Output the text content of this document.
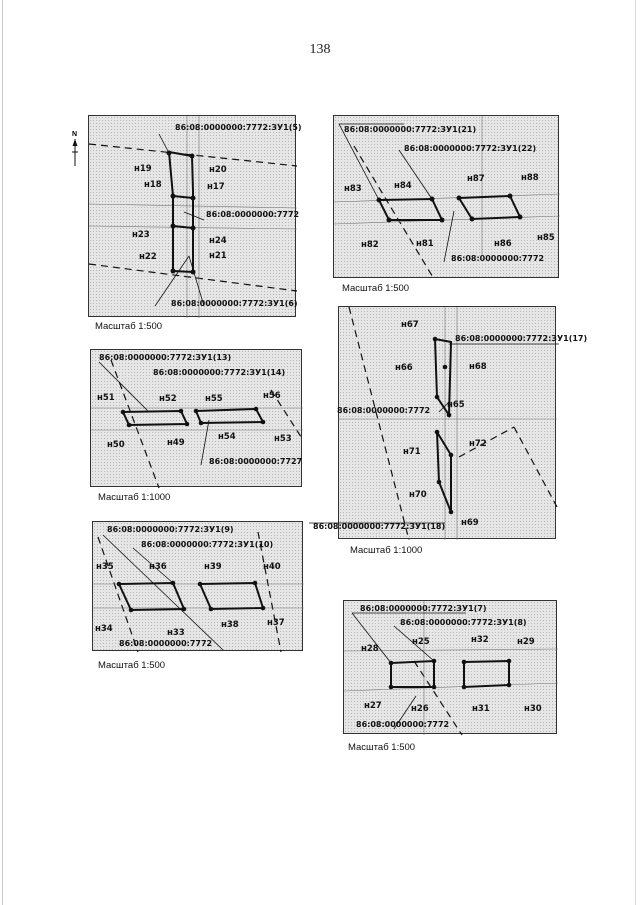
138
N
н19	н20
н18	н17
н23
н24
н22	н21
86:08:0000000:7772:ЗУ1(5)
86:08:0000000:7772
86:08:0000000:7772:ЗУ1(6)
Масштаб 1:500
86:08:0000000:7772:ЗУ1(21)
86:08:0000000:7772:ЗУ1(22)
86:08:0000000:7772
н83	н84
н87	н88
н82	н81	н86
н85
Масштаб 1:500
86:08:0000000:7772:ЗУ1(13)
86:08:0000000:7772:ЗУ1(14)
86:08:0000000:7727
н51	н52	н55	н56
н50	н49
н54	н53
Масштаб 1:1000
86:08:0000000:7772:ЗУ1(17)
86:08:0000000:7772
86:08:0000000:7772:ЗУ1(18)
н67
н68
н66
н65
н71
н72
н70
н69
Масштаб 1:1000
86:08:0000000:7772:ЗУ1(9)
86:08:0000000:7772:ЗУ1(10)
86:08:0000000:7772
н35	н36	н39	н40
н34	н33
н38	н37
Масштаб 1:500
86:08:0000000:7772:ЗУ1(7)
86:08:0000000:7772:ЗУ1(8)
86:08:0000000:7772
н28
н25	н32	н29
н27	н26	н31	н30
Масштаб 1:500
